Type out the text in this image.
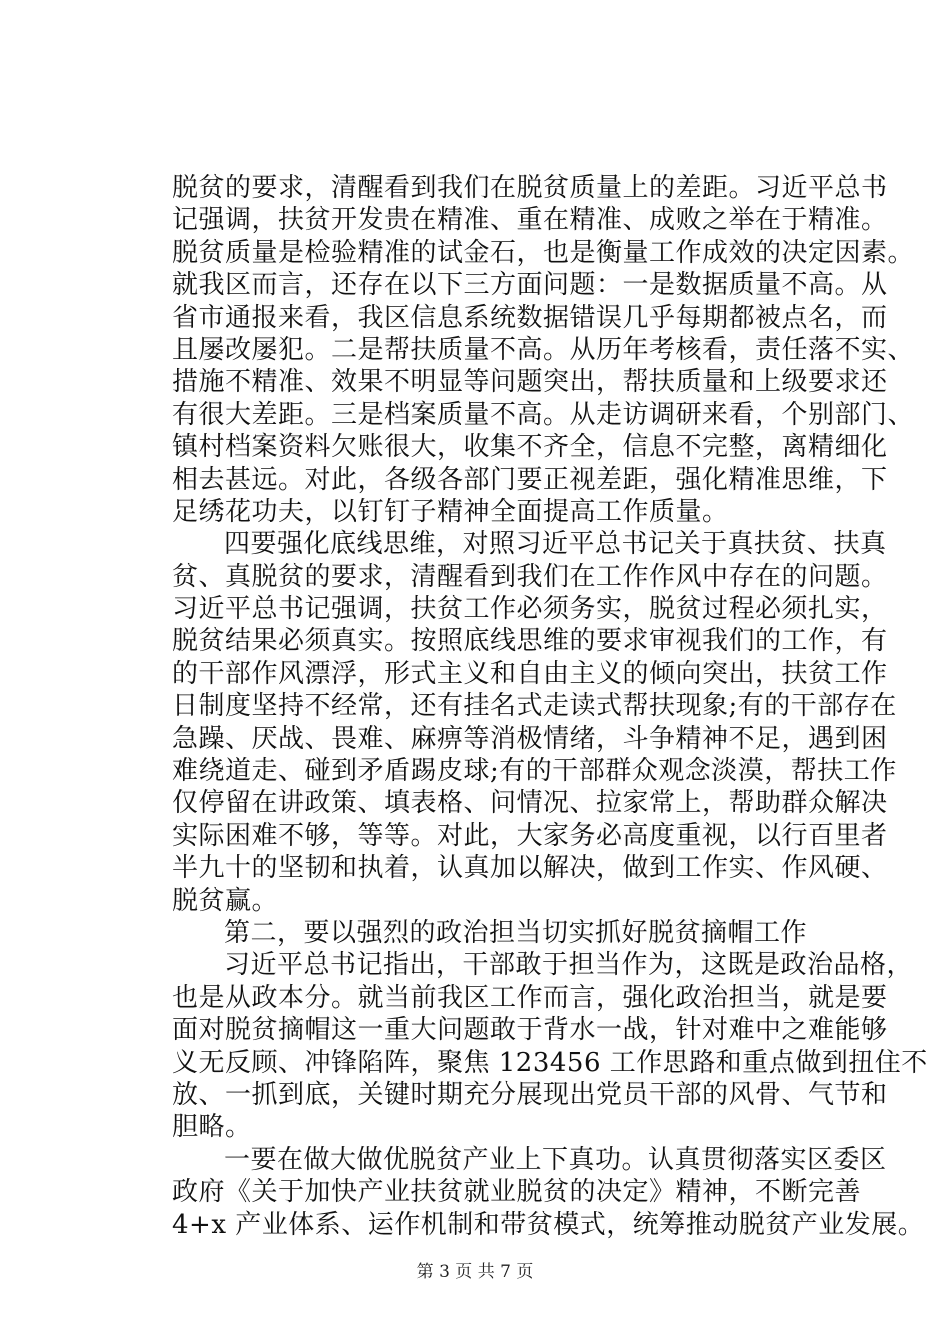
脱贫的要求，清醒看到我们在脱贫质量上的差距。习近平总书
记强调，扶贫开发贵在精准、重在精准、成败之举在于精准。
脱贫质量是检验精准的试金石，也是衡量工作成效的决定因素。
就我区而言，还存在以下三方面问题：一是数据质量不高。从
省市通报来看，我区信息系统数据错误几乎每期都被点名，而
且屡改屡犯。二是帮扶质量不高。从历年考核看，责任落不实、
措施不精准、效果不明显等问题突出，帮扶质量和上级要求还
有很大差距。三是档案质量不高。从走访调研来看，个别部门、
镇村档案资料欠账很大，收集不齐全，信息不完整，离精细化
相去甚远。对此，各级各部门要正视差距，强化精准思维，下
足绣花功夫，以钉钉子精神全面提高工作质量。
四要强化底线思维，对照习近平总书记关于真扶贫、扶真
贫、真脱贫的要求，清醒看到我们在工作作风中存在的问题。
习近平总书记强调，扶贫工作必须务实，脱贫过程必须扎实，
脱贫结果必须真实。按照底线思维的要求审视我们的工作，有
的干部作风漂浮，形式主义和自由主义的倾向突出，扶贫工作
日制度坚持不经常，还有挂名式走读式帮扶现象;有的干部存在
急躁、厌战、畏难、麻痹等消极情绪，斗争精神不足，遇到困
难绕道走、碰到矛盾踢皮球;有的干部群众观念淡漠，帮扶工作
仅停留在讲政策、填表格、问情况、拉家常上，帮助群众解决
实际困难不够，等等。对此，大家务必高度重视，以行百里者
半九十的坚韧和执着，认真加以解决，做到工作实、作风硬、
脱贫赢。
第二，要以强烈的政治担当切实抓好脱贫摘帽工作
习近平总书记指出，干部敢于担当作为，这既是政治品格，
也是从政本分。就当前我区工作而言，强化政治担当，就是要
面对脱贫摘帽这一重大问题敢于背水一战，针对难中之难能够
义无反顾、冲锋陷阵，聚焦 123456 工作思路和重点做到扭住不
放、一抓到底，关键时期充分展现出党员干部的风骨、气节和
胆略。
一要在做大做优脱贫产业上下真功。认真贯彻落实区委区
政府《关于加快产业扶贫就业脱贫的决定》精神，不断完善
4+x 产业体系、运作机制和带贫模式，统筹推动脱贫产业发展。
第 3 页 共 7 页
